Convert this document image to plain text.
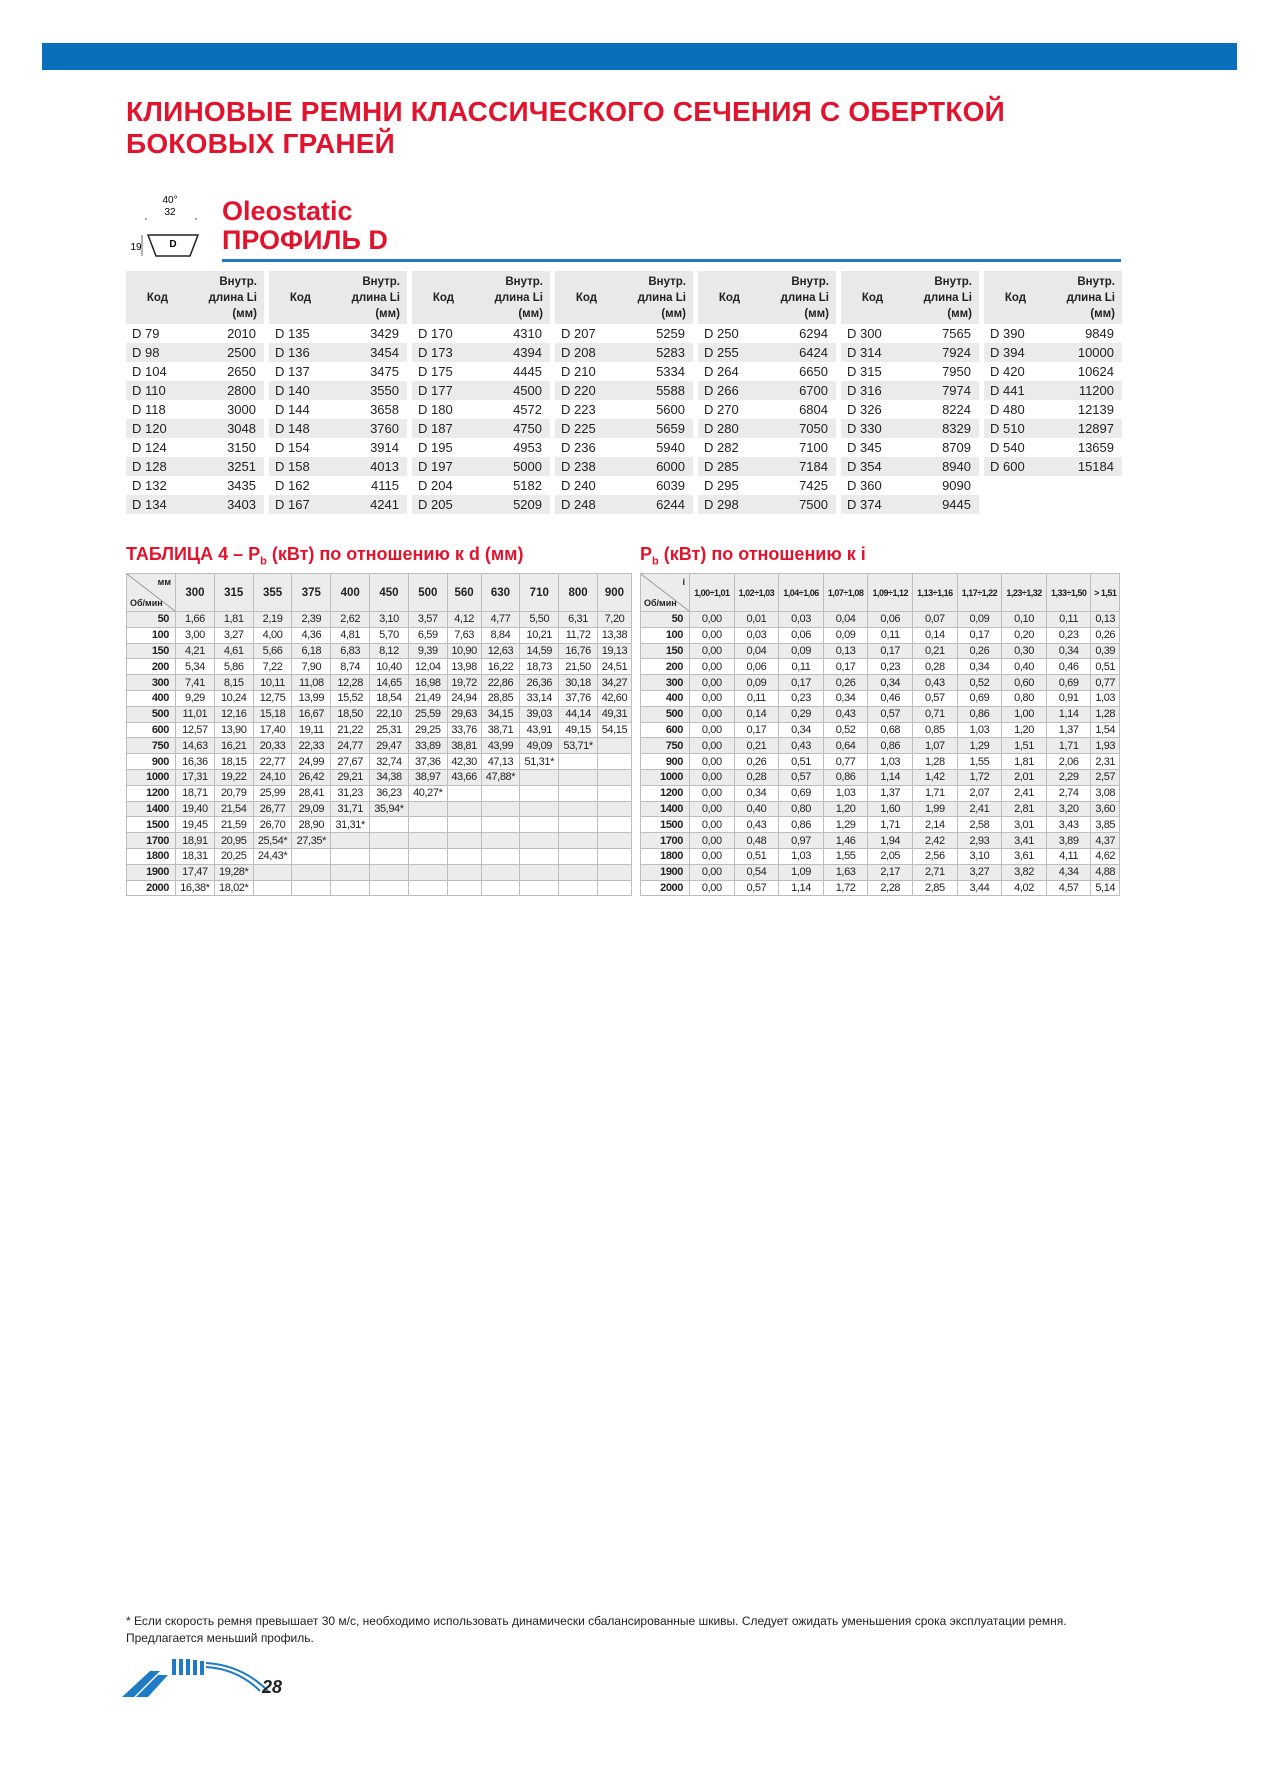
КЛИНОВЫЕ РЕМНИ КЛАССИЧЕСКОГО СЕЧЕНИЯ С ОБЕРТКОЙ
БОКОВЫХ ГРАНЕЙ
40°
32
D
19
Oleostatic
ПРОФИЛЬ D
Код
Внутр. длина Li (мм)
D 79	2010
D 98	2500
D 104	2650
D 110	2800
D 118	3000
D 120	3048
D 124	3150
D 128	3251
D 132	3435
D 134	3403
Код
Внутр. длина Li (мм)
D 135	3429
D 136	3454
D 137	3475
D 140	3550
D 144	3658
D 148	3760
D 154	3914
D 158	4013
D 162	4115
D 167	4241
Код
Внутр. длина Li (мм)
D 170	4310
D 173	4394
D 175	4445
D 177	4500
D 180	4572
D 187	4750
D 195	4953
D 197	5000
D 204	5182
D 205	5209
Код
Внутр. длина Li (мм)
D 207	5259
D 208	5283
D 210	5334
D 220	5588
D 223	5600
D 225	5659
D 236	5940
D 238	6000
D 240	6039
D 248	6244
Код
Внутр. длина Li (мм)
D 250	6294
D 255	6424
D 264	6650
D 266	6700
D 270	6804
D 280	7050
D 282	7100
D 285	7184
D 295	7425
D 298	7500
Код
Внутр. длина Li (мм)
D 300	7565
D 314	7924
D 315	7950
D 316	7974
D 326	8224
D 330	8329
D 345	8709
D 354	8940
D 360	9090
D 374	9445
Код
Внутр. длина Li (мм)
D 390	9849
D 394	10000
D 420	10624
D 441	11200
D 480	12139
D 510	12897
D 540	13659
D 600	15184
ТАБЛИЦА $4 - P_b$ (кВт) по отношению к d (мм)	$P_b$ (кВт) по отношению к i
мм
Об/мин	300	315	355	375	400	450	500	560	630	710	800	900
50	1,66	1,81	2,19	2,39	2,62	3,10	3,57	4,12	4,77	5,50	6,31	7,20
100	3,00	3,27	4,00	4,36	4,81	5,70	6,59	7,63	8,84	10,21	11,72	13,38
150	4,21	4,61	5,66	6,18	6,83	8,12	9,39	10,90	12,63	14,59	16,76	19,13
200	5,34	5,86	7,22	7,90	8,74	10,40	12,04	13,98	16,22	18,73	21,50	24,51
300	7,41	8,15	10,11	11,08	12,28	14,65	16,98	19,72	22,86	26,36	30,18	34,27
400	9,29	10,24	12,75	13,99	15,52	18,54	21,49	24,94	28,85	33,14	37,76	42,60
500	11,01	12,16	15,18	16,67	18,50	22,10	25,59	29,63	34,15	39,03	44,14	49,31
600	12,57	13,90	17,40	19,11	21,22	25,31	29,25	33,76	38,71	43,91	49,15	54,15
750	14,63	16,21	20,33	22,33	24,77	29,47	33,89	38,81	43,99	49,09	53,71*	
900	16,36	18,15	22,77	24,99	27,67	32,74	37,36	42,30	47,13	51,31*		
1000	17,31	19,22	24,10	26,42	29,21	34,38	38,97	43,66	47,88*			
1200	18,71	20,79	25,99	28,41	31,23	36,23	40,27*					
1400	19,40	21,54	26,77	29,09	31,71	35,94*						
1500	19,45	21,59	26,70	28,90	31,31*							
1700	18,91	20,95	25,54*	27,35*								
1800	18,31	20,25	24,43*									
1900	17,47	19,28*										
2000	16,38*	18,02*										
i
Об/мин	1,00÷1,01	1,02÷1,03	1,04÷1,06	1,07÷1,08	1,09÷1,12	1,13÷1,16	1,17÷1,22	1,23÷1,32	1,33÷1,50	> 1,51
50	0,00	0,01	0,03	0,04	0,06	0,07	0,09	0,10	0,11	0,13
100	0,00	0,03	0,06	0,09	0,11	0,14	0,17	0,20	0,23	0,26
150	0,00	0,04	0,09	0,13	0,17	0,21	0,26	0,30	0,34	0,39
200	0,00	0,06	0,11	0,17	0,23	0,28	0,34	0,40	0,46	0,51
300	0,00	0,09	0,17	0,26	0,34	0,43	0,52	0,60	0,69	0,77
400	0,00	0,11	0,23	0,34	0,46	0,57	0,69	0,80	0,91	1,03
500	0,00	0,14	0,29	0,43	0,57	0,71	0,86	1,00	1,14	1,28
600	0,00	0,17	0,34	0,52	0,68	0,85	1,03	1,20	1,37	1,54
750	0,00	0,21	0,43	0,64	0,86	1,07	1,29	1,51	1,71	1,93
900	0,00	0,26	0,51	0,77	1,03	1,28	1,55	1,81	2,06	2,31
1000	0,00	0,28	0,57	0,86	1,14	1,42	1,72	2,01	2,29	2,57
1200	0,00	0,34	0,69	1,03	1,37	1,71	2,07	2,41	2,74	3,08
1400	0,00	0,40	0,80	1,20	1,60	1,99	2,41	2,81	3,20	3,60
1500	0,00	0,43	0,86	1,29	1,71	2,14	2,58	3,01	3,43	3,85
1700	0,00	0,48	0,97	1,46	1,94	2,42	2,93	3,41	3,89	4,37
1800	0,00	0,51	1,03	1,55	2,05	2,56	3,10	3,61	4,11	4,62
1900	0,00	0,54	1,09	1,63	2,17	2,71	3,27	3,82	4,34	4,88
2000	0,00	0,57	1,14	1,72	2,28	2,85	3,44	4,02	4,57	5,14
* Если скорость ремня превышает 30 м/с, необходимо использовать динамически сбалансированные шкивы. Следует ожидать уменьшения срока эксплуатации ремня. Предлагается меньший профиль.
28
